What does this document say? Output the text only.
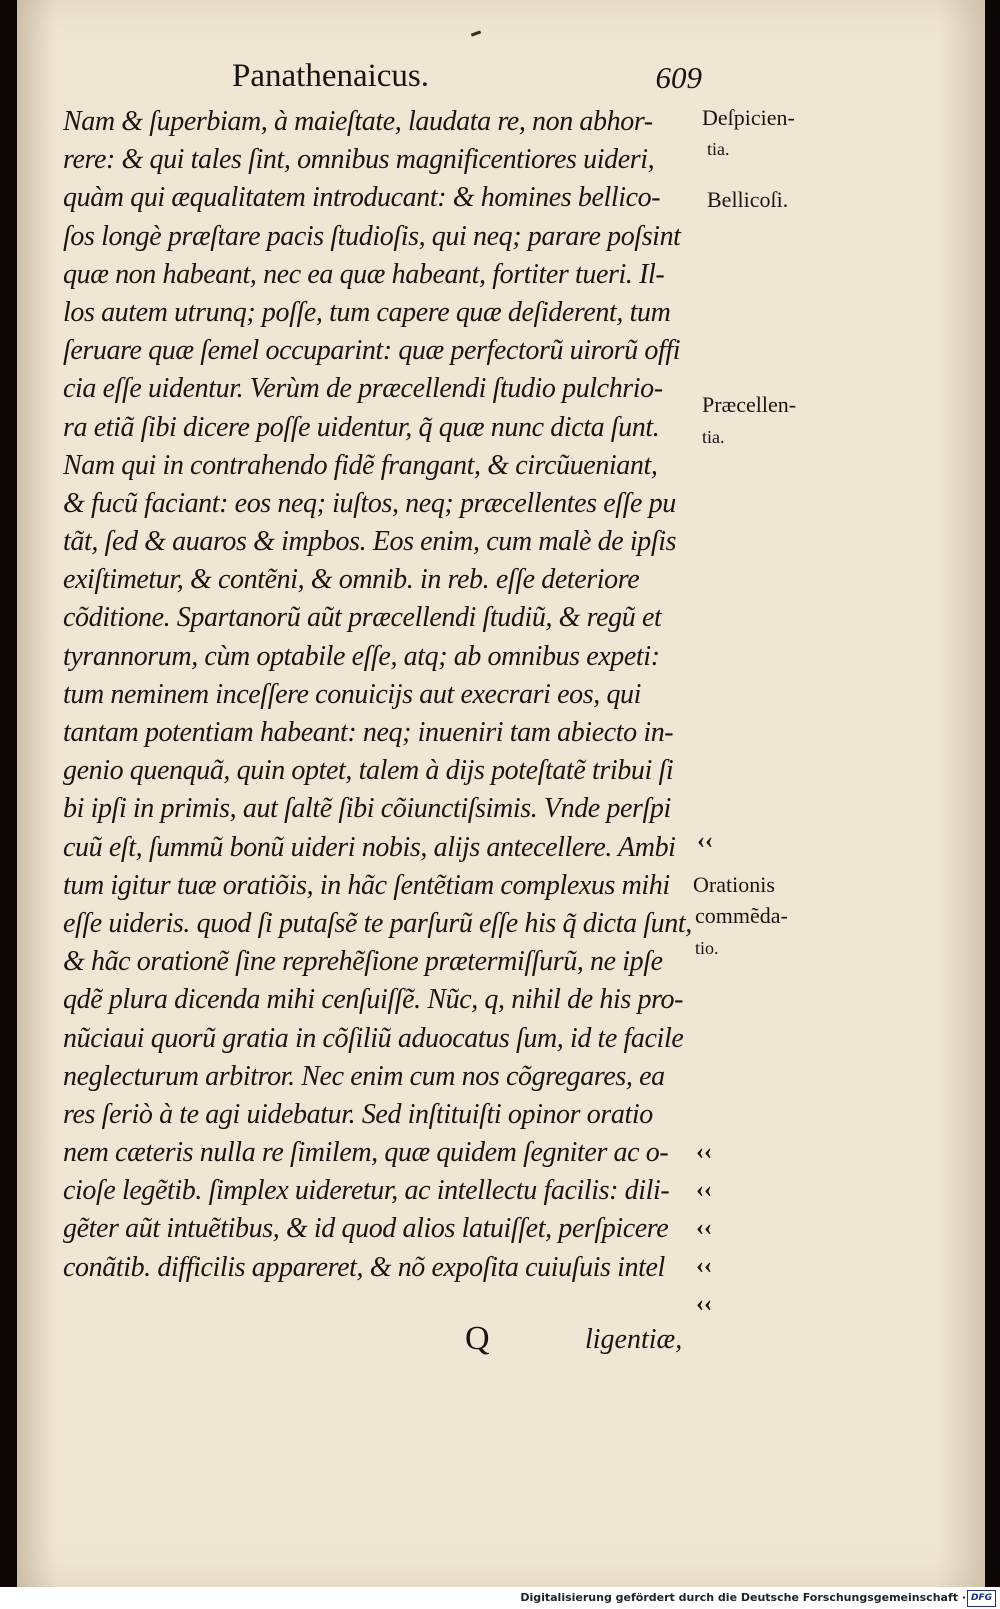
Panathenaicus.	609
Nam & ſuperbiam, à maieſtate, laudata re, non abhor-
rere: & qui tales ſint, omnibus magnificentiores uideri,
quàm qui æqualitatem introducant: & homines bellico-
ſos longè præſtare pacis ſtudioſis, qui neq; parare poſsint
quæ non habeant, nec ea quæ habeant, fortiter tueri. Il-
los autem utrunq; poſſe, tum capere quæ deſiderent, tum
ſeruare quæ ſemel occuparint: quæ perfectorũ uirorũ offi
cia eſſe uidentur. Verùm de præcellendi ſtudio pulchrio-
ra etiã ſibi dicere poſſe uidentur, q̃ quæ nunc dicta ſunt.
Nam qui in contrahendo fidẽ frangant, & circũueniant,
& fucũ faciant: eos neq; iuſtos, neq; præcellentes eſſe pu
tãt, ſed & auaros & impbos. Eos enim, cum malè de ipſis
exiſtimetur, & contẽni, & omnib. in reb. eſſe deteriore
cõditione. Spartanorũ aũt præcellendi ſtudiũ, & regũ et
tyrannorum, cùm optabile eſſe, atq; ab omnibus expeti:
tum neminem inceſſere conuicijs aut execrari eos, qui
tantam potentiam habeant: neq; inueniri tam abiecto in-
genio quenquã, quin optet, talem à dijs poteſtatẽ tribui ſi
bi ipſi in primis, aut ſaltẽ ſibi cõiunctiſsimis. Vnde perſpi
cuũ eſt, ſummũ bonũ uideri nobis, alijs antecellere. Ambi
tum igitur tuæ oratiõis, in hãc ſentẽtiam complexus mihi
eſſe uideris. quod ſi putaſsẽ te parſurũ eſſe his q̃ dicta ſunt,
& hãc orationẽ ſine reprehẽſione prætermiſſurũ, ne ipſe
qdẽ plura dicenda mihi cenſuiſſẽ. Nũc, q, nihil de his pro-
nũciaui quorũ gratia in cõſiliũ aduocatus ſum, id te facile
neglecturum arbitror. Nec enim cum nos cõgregares, ea
res ſeriò à te agi uidebatur. Sed inſtituiſti opinor oratio
nem cæteris nulla re ſimilem, quæ quidem ſegniter ac o-
cioſe legẽtib. ſimplex uideretur, ac intellectu facilis: dili-
gẽter aũt intuẽtibus, & id quod alios latuiſſet, perſpicere
conãtib. difficilis appareret, & nõ expoſita cuiuſuis intel
Deſpicien-
tia.
Bellicoſi.
Præcellen-
tia.
Orationis
commẽda-
tio.
‹‹
‹‹
‹‹
‹‹
‹‹
‹‹
Q	ligentiæ,
Digitalisierung gefördert durch die Deutsche Forschungsgemeinschaft · DFG
